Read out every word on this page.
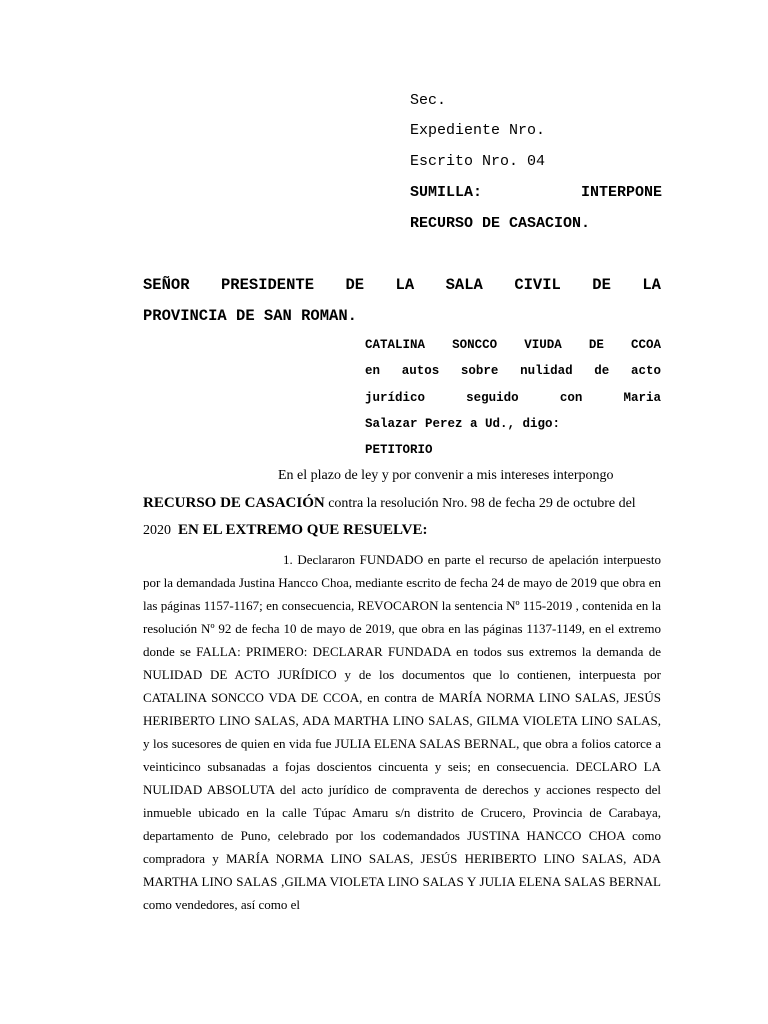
Sec.
Expediente Nro.
Escrito Nro. 04
SUMILLA:	INTERPONE
RECURSO DE CASACION.
SEÑOR PRESIDENTE DE LA SALA CIVIL DE LA
PROVINCIA DE SAN ROMAN.
CATALINA SONCCO VIUDA DE CCOA
en autos sobre nulidad de acto
jurídico	seguido	con	Maria
Salazar Perez a Ud., digo:
PETITORIO
En el plazo de ley y por convenir a mis intereses interpongo
RECURSO DE CASACIÓN contra la resolución Nro. 98 de fecha 29 de octubre del
2020 EN EL EXTREMO QUE RESUELVE:
1. Declararon FUNDADO en parte el recurso de apelación interpuesto por la demandada Justina Hancco Choa, mediante escrito de fecha 24 de mayo de 2019 que obra en las páginas 1157-1167; en consecuencia, REVOCARON la sentencia Nº 115-2019 , contenida en la resolución Nº 92 de fecha 10 de mayo de 2019, que obra en las páginas 1137-1149, en el extremo donde se FALLA: PRIMERO: DECLARAR FUNDADA en todos sus extremos la demanda de NULIDAD DE ACTO JURÍDICO y de los documentos que lo contienen, interpuesta por CATALINA SONCCO VDA DE CCOA, en contra de MARÍA NORMA LINO SALAS, JESÚS HERIBERTO LINO SALAS, ADA MARTHA LINO SALAS, GILMA VIOLETA LINO SALAS, y los sucesores de quien en vida fue JULIA ELENA SALAS BERNAL, que obra a folios catorce a veinticinco subsanadas a fojas doscientos cincuenta y seis; en consecuencia. DECLARO LA NULIDAD ABSOLUTA del acto jurídico de compraventa de derechos y acciones respecto del inmueble ubicado en la calle Túpac Amaru s/n distrito de Crucero, Provincia de Carabaya, departamento de Puno, celebrado por los codemandados JUSTINA HANCCO CHOA como compradora y MARÍA NORMA LINO SALAS, JESÚS HERIBERTO LINO SALAS, ADA MARTHA LINO SALAS ,GILMA VIOLETA LINO SALAS Y JULIA ELENA SALAS BERNAL como vendedores, así como el
